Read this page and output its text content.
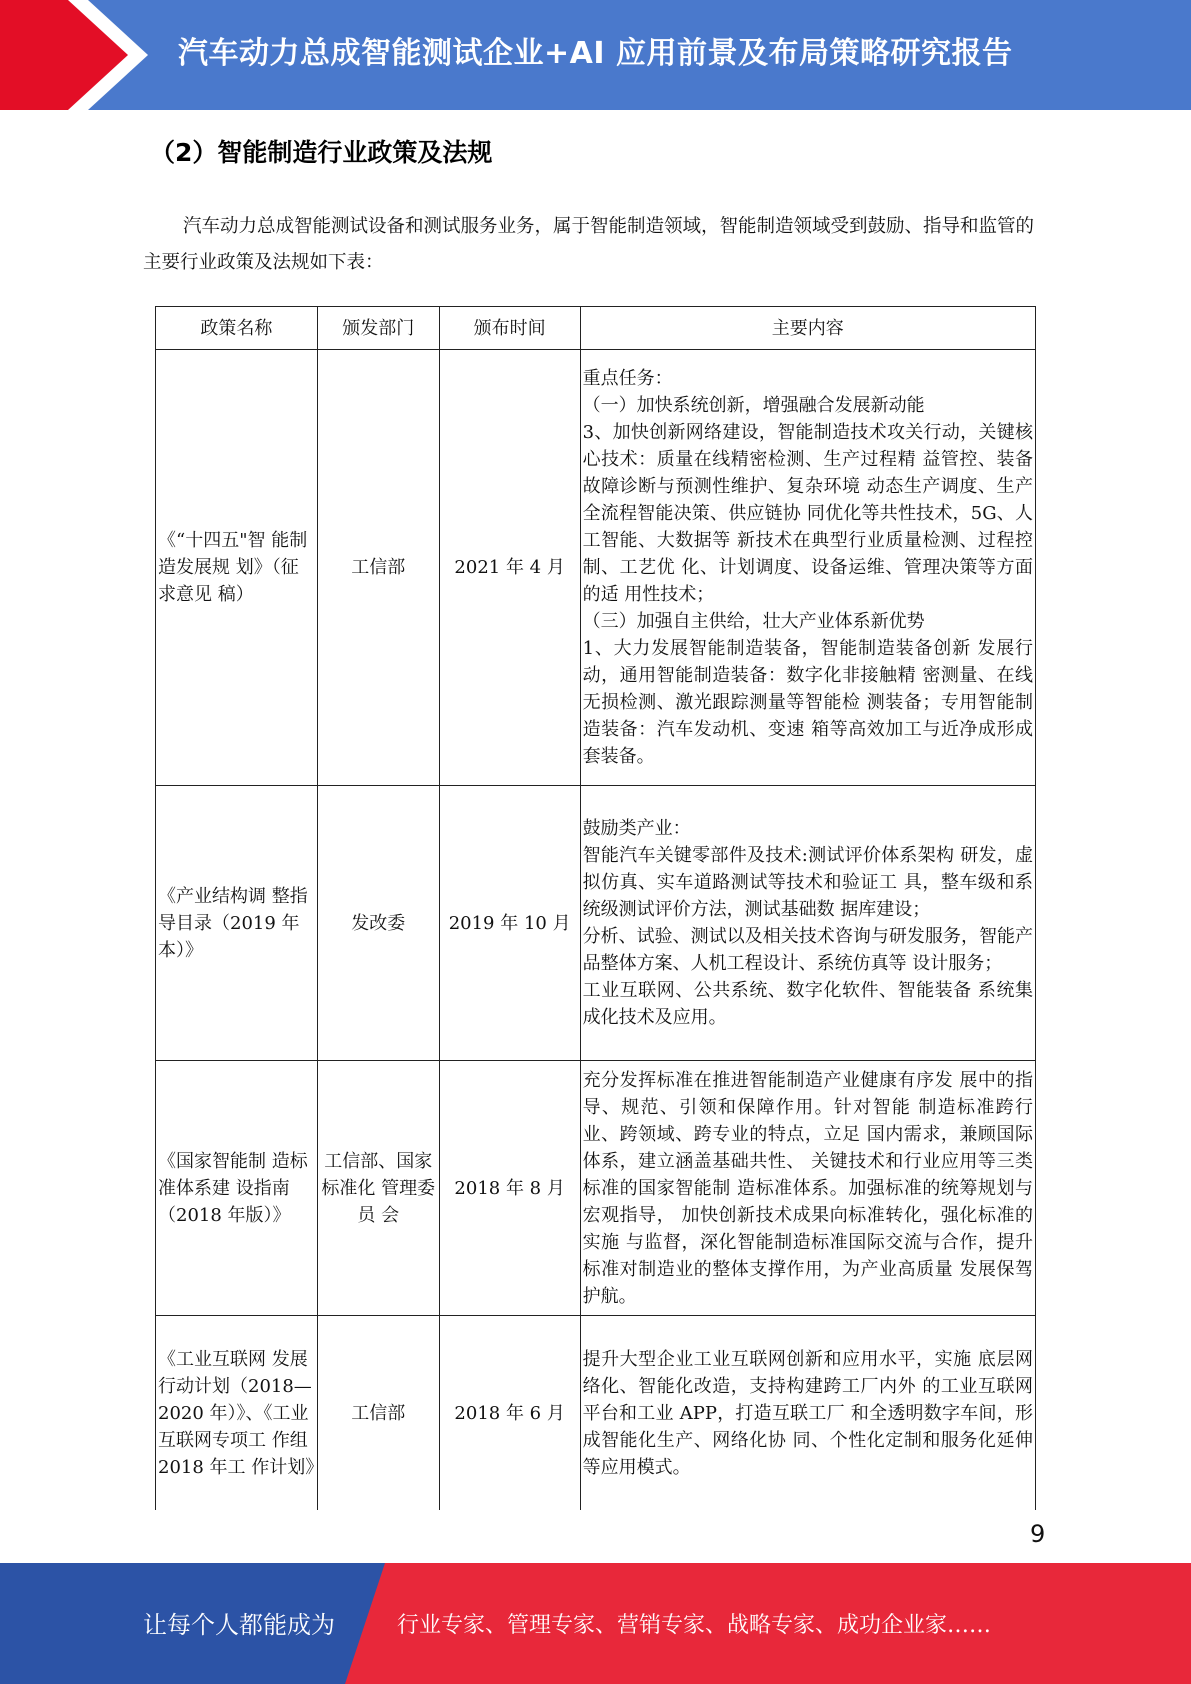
汽车动力总成智能测试企业+AI 应用前景及布局策略研究报告
（2）智能制造行业政策及法规

汽车动力总成智能测试设备和测试服务业务，属于智能制造领域，智能制造领域受到鼓励、指导和监管的主要行业政策及法规如下表：

政策名称	颁发部门	颁布时间	主要内容
《“十四五"智 能制造发展规 划》（征求意见 稿）	工信部	2021 年 4 月	重点任务：
（一）加快系统创新，增强融合发展新动能
3、加快创新网络建设，智能制造技术攻关行动，关键核心技术：质量在线精密检测、生产过程精 益管控、装备故障诊断与预测性维护、复杂环境 动态生产调度、生产全流程智能决策、供应链协 同优化等共性技术，5G、人工智能、大数据等 新技术在典型行业质量检测、过程控制、工艺优 化、计划调度、设备运维、管理决策等方面的适 用性技术；
（三）加强自主供给，壮大产业体系新优势
1、大力发展智能制造装备，智能制造装备创新 发展行动，通用智能制造装备：数字化非接触精 密测量、在线无损检测、激光跟踪测量等智能检 测装备；专用智能制造装备：汽车发动机、变速 箱等高效加工与近净成形成套装备。

《产业结构调 整指导目录（2019 年本）》	发改委	2019 年 10 月	鼓励类产业：
智能汽车关键零部件及技术:测试评价体系架构 研发，虚拟仿真、实车道路测试等技术和验证工 具，整车级和系统级测试评价方法，测试基础数 据库建设；
分析、试验、测试以及相关技术咨询与研发服务，智能产品整体方案、人机工程设计、系统仿真等 设计服务；
工业互联网、公共系统、数字化软件、智能装备 系统集成化技术及应用。

《国家智能制 造标准体系建 设指南（2018 年版）》	工信部、国家标准化 管理委员 会	2018 年 8 月	充分发挥标准在推进智能制造产业健康有序发 展中的指导、规范、引领和保障作用。针对智能 制造标准跨行业、跨领域、跨专业的特点，立足 国内需求，兼顾国际体系，建立涵盖基础共性、 关键技术和行业应用等三类标准的国家智能制 造标准体系。加强标准的统筹规划与宏观指导， 加快创新技术成果向标准转化，强化标准的实施 与监督，深化智能制造标准国际交流与合作，提升标准对制造业的整体支撑作用，为产业高质量 发展保驾护航。

《工业互联网 发展行动计划（2018—2020 年）》、《工业互联网专项工 作组 2018 年工 作计划》	工信部	2018 年 6 月	提升大型企业工业互联网创新和应用水平，实施 底层网络化、智能化改造，支持构建跨工厂内外 的工业互联网平台和工业 APP，打造互联工厂 和全透明数字车间，形成智能化生产、网络化协 同、个性化定制和服务化延伸等应用模式。
9
让每个人都能成为	行业专家、管理专家、营销专家、战略专家、成功企业家……
